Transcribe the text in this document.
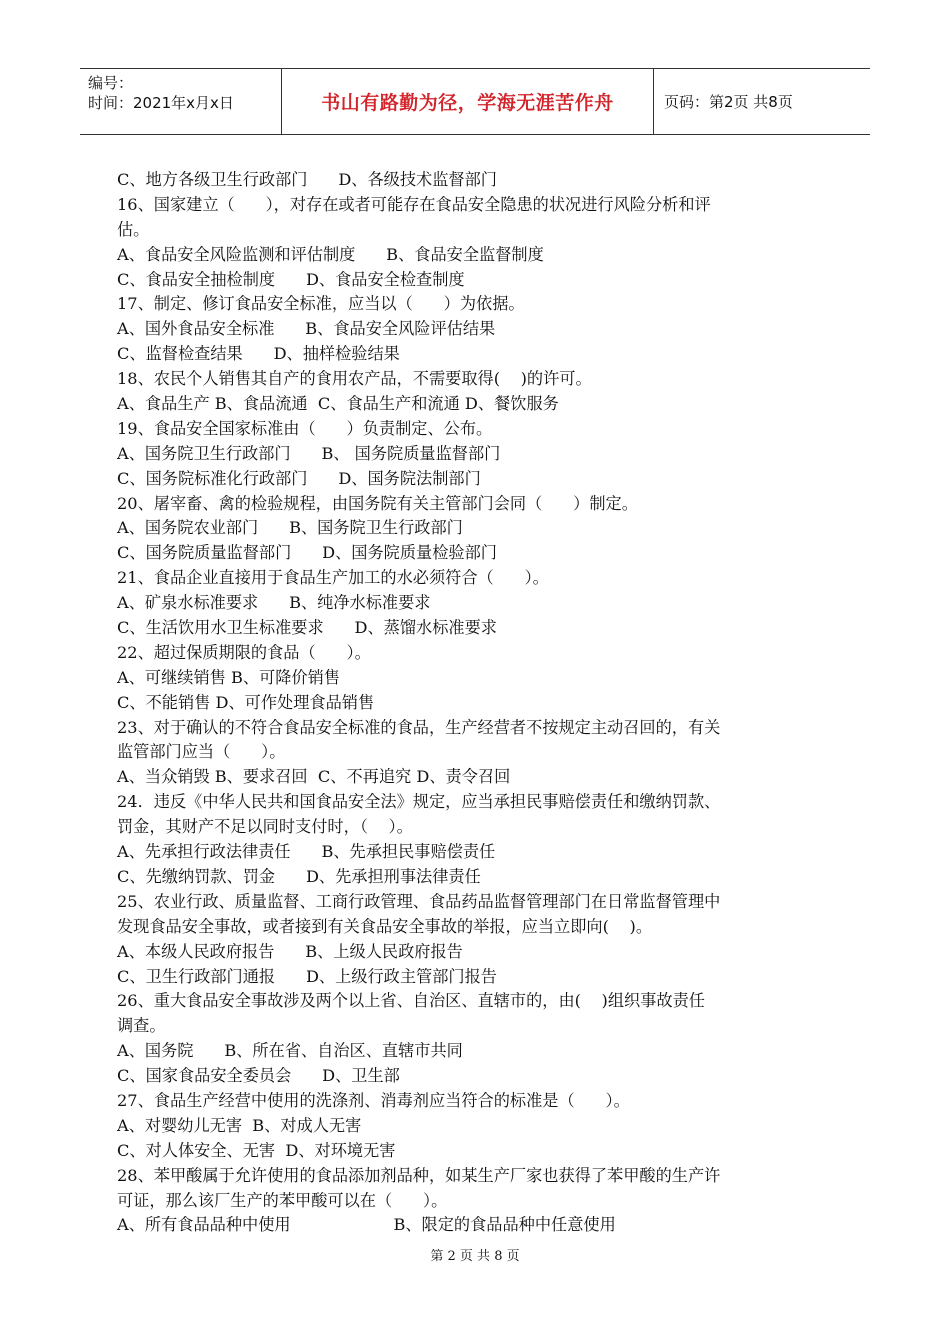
编号：
时间：2021年x月x日	书山有路勤为径，学海无涯苦作舟	页码：第2页 共8页
C、地方各级卫生行政部门      D、各级技术监督部门
16、国家建立（      ），对存在或者可能存在食品安全隐患的状况进行风险分析和评
估。
A、食品安全风险监测和评估制度      B、食品安全监督制度
C、食品安全抽检制度      D、食品安全检查制度
17、制定、修订食品安全标准，应当以（      ）为依据。
A、国外食品安全标准      B、食品安全风险评估结果
C、监督检查结果      D、抽样检验结果
18、农民个人销售其自产的食用农产品，不需要取得(    )的许可。
A、食品生产 B、食品流通  C、食品生产和流通 D、餐饮服务
19、食品安全国家标准由（      ）负责制定、公布。
A、国务院卫生行政部门      B、 国务院质量监督部门
C、国务院标准化行政部门      D、国务院法制部门
20、屠宰畜、禽的检验规程，由国务院有关主管部门会同（      ）制定。
A、国务院农业部门      B、国务院卫生行政部门
C、国务院质量监督部门      D、国务院质量检验部门
21、食品企业直接用于食品生产加工的水必须符合（      ）。
A、矿泉水标准要求      B、纯净水标准要求
C、生活饮用水卫生标准要求      D、蒸馏水标准要求
22、超过保质期限的食品（      ）。
A、可继续销售 B、可降价销售
C、不能销售 D、可作处理食品销售
23、对于确认的不符合食品安全标准的食品，生产经营者不按规定主动召回的，有关
监管部门应当（      ）。
A、当众销毁 B、要求召回  C、不再追究 D、责令召回
24．违反《中华人民共和国食品安全法》规定，应当承担民事赔偿责任和缴纳罚款、
罚金，其财产不足以同时支付时，（    ）。
A、先承担行政法律责任      B、先承担民事赔偿责任
C、先缴纳罚款、罚金      D、先承担刑事法律责任
25、农业行政、质量监督、工商行政管理、食品药品监督管理部门在日常监督管理中
发现食品安全事故，或者接到有关食品安全事故的举报，应当立即向(    )。
A、本级人民政府报告      B、上级人民政府报告
C、卫生行政部门通报      D、上级行政主管部门报告
26、重大食品安全事故涉及两个以上省、自治区、直辖市的，由(    )组织事故责任
调查。
A、国务院      B、所在省、自治区、直辖市共同
C、国家食品安全委员会      D、卫生部
27、食品生产经营中使用的洗涤剂、消毒剂应当符合的标准是（      ）。
A、对婴幼儿无害  B、对成人无害
C、对人体安全、无害  D、对环境无害
28、苯甲酸属于允许使用的食品添加剂品种，如某生产厂家也获得了苯甲酸的生产许
可证，那么该厂生产的苯甲酸可以在（      ）。
A、所有食品品种中使用                    B、限定的食品品种中任意使用
第 2 页 共 8 页
